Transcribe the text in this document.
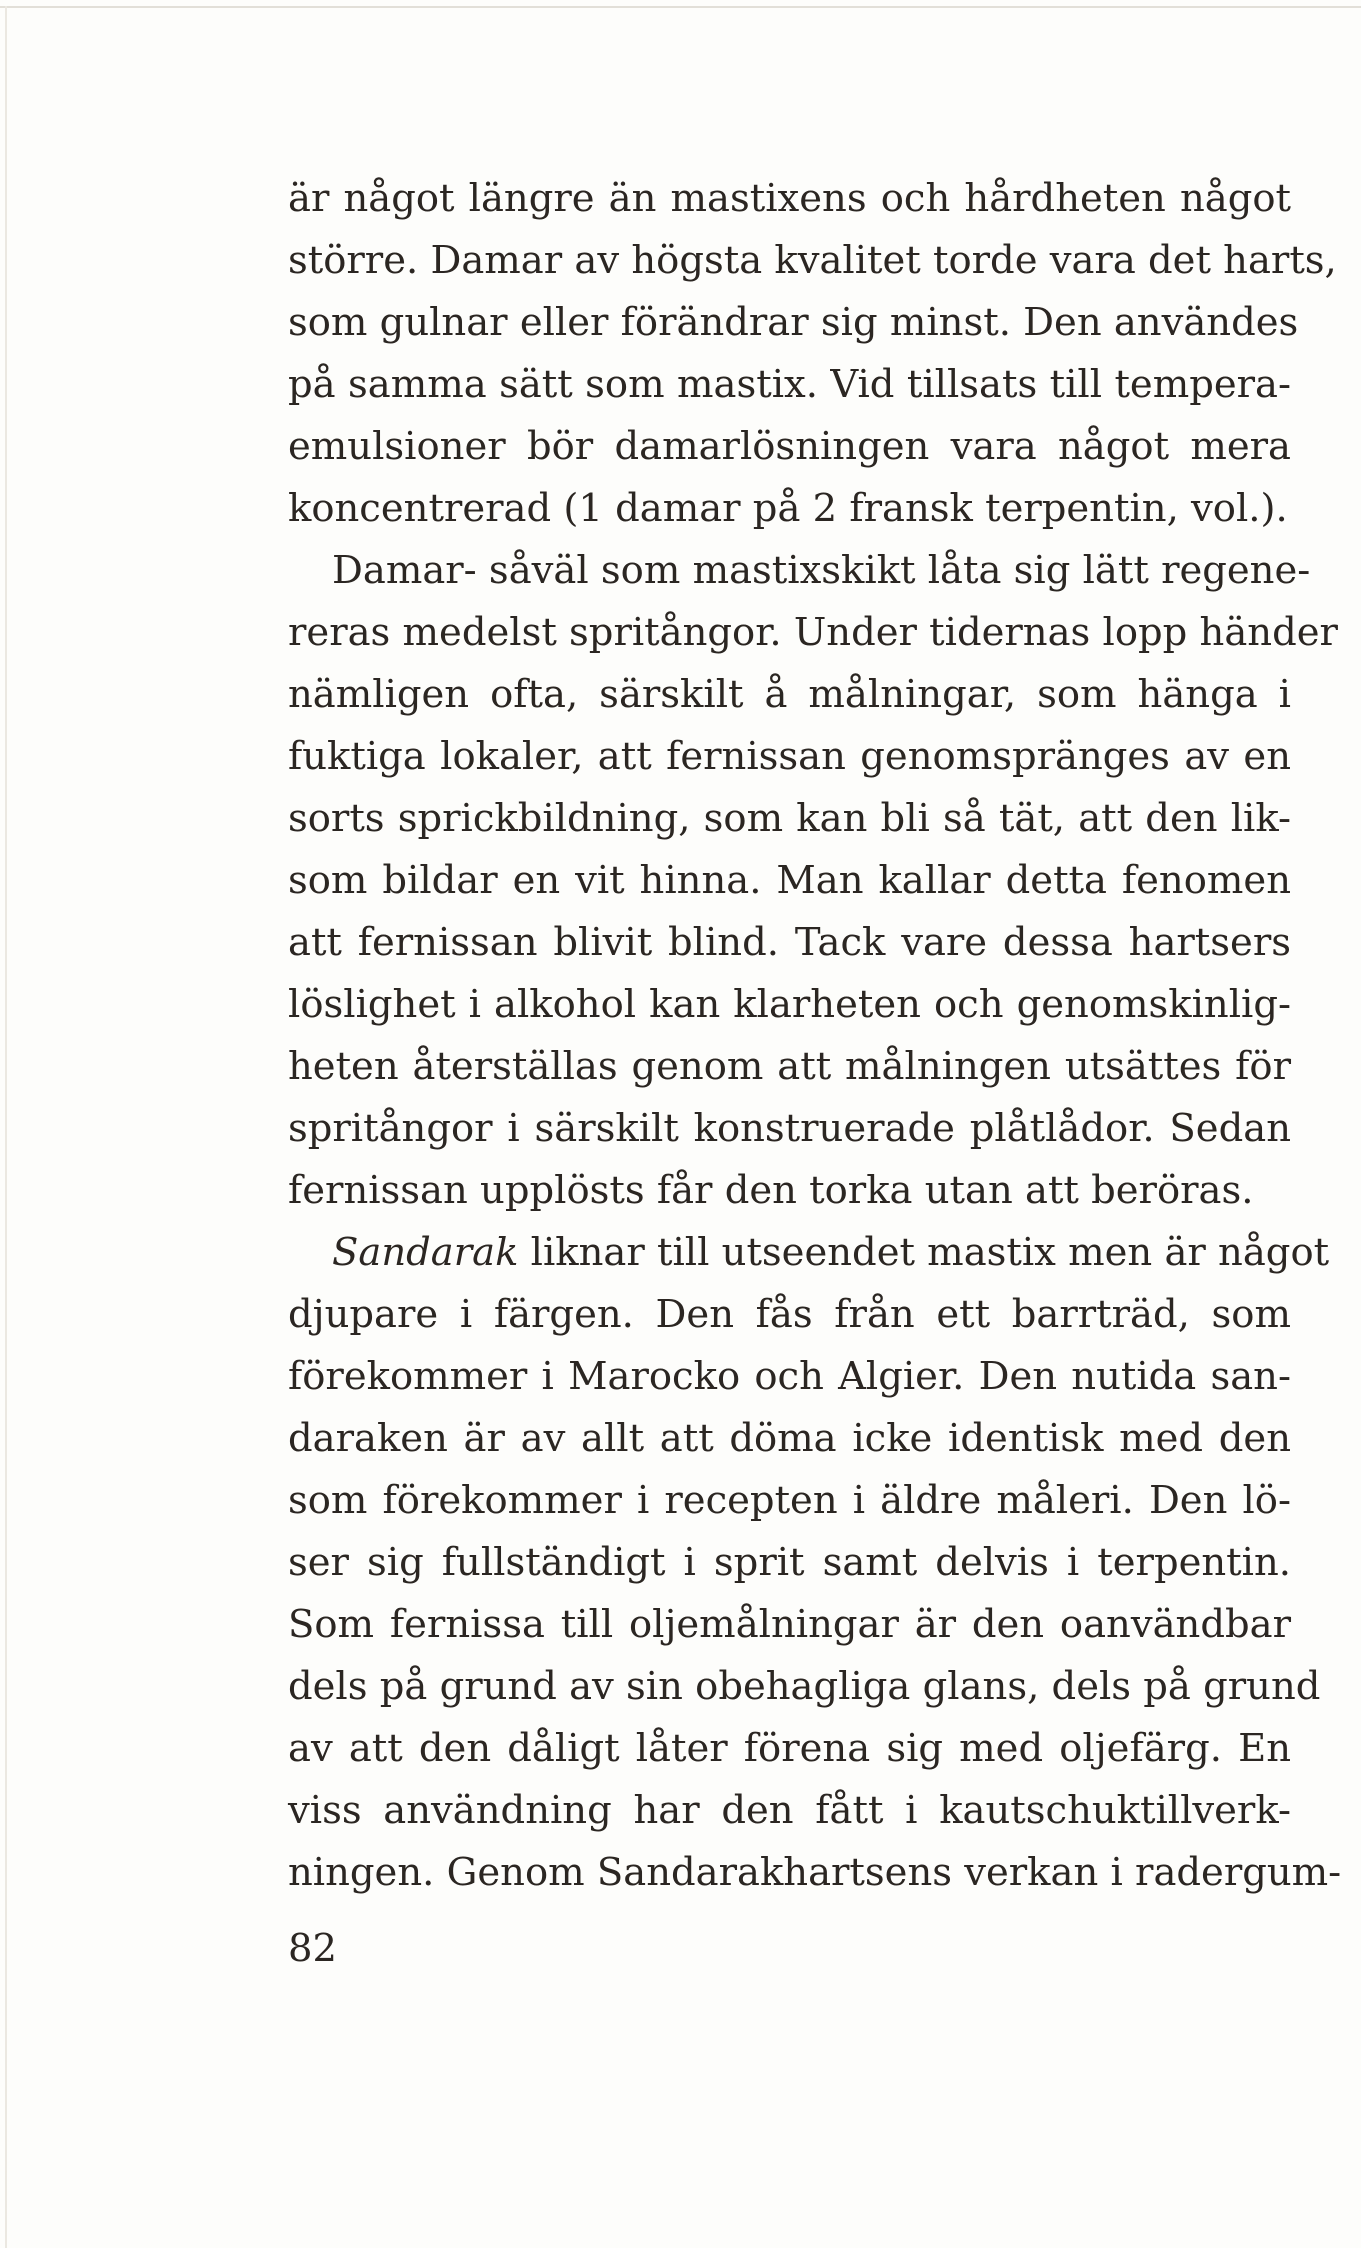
är något längre än mastixens och hårdheten något
större. Damar av högsta kvalitet torde vara det harts,
som gulnar eller förändrar sig minst. Den användes
på samma sätt som mastix. Vid tillsats till tempera-
emulsioner bör damarlösningen vara något mera
koncentrerad (1 damar på 2 fransk terpentin, vol.).
Damar- såväl som mastixskikt låta sig lätt regene-
reras medelst spritångor. Under tidernas lopp händer
nämligen ofta, särskilt å målningar, som hänga i
fuktiga lokaler, att fernissan genomspränges av en
sorts sprickbildning, som kan bli så tät, att den lik-
som bildar en vit hinna. Man kallar detta fenomen
att fernissan blivit blind. Tack vare dessa hartsers
löslighet i alkohol kan klarheten och genomskinlig-
heten återställas genom att målningen utsättes för
spritångor i särskilt konstruerade plåtlådor. Sedan
fernissan upplösts får den torka utan att beröras.
Sandarak liknar till utseendet mastix men är något
djupare i färgen. Den fås från ett barrträd, som
förekommer i Marocko och Algier. Den nutida san-
daraken är av allt att döma icke identisk med den
som förekommer i recepten i äldre måleri. Den lö-
ser sig fullständigt i sprit samt delvis i terpentin.
Som fernissa till oljemålningar är den oanvändbar
dels på grund av sin obehagliga glans, dels på grund
av att den dåligt låter förena sig med oljefärg. En
viss användning har den fått i kautschuktillverk-
ningen. Genom Sandarakhartsens verkan i radergum-
82
